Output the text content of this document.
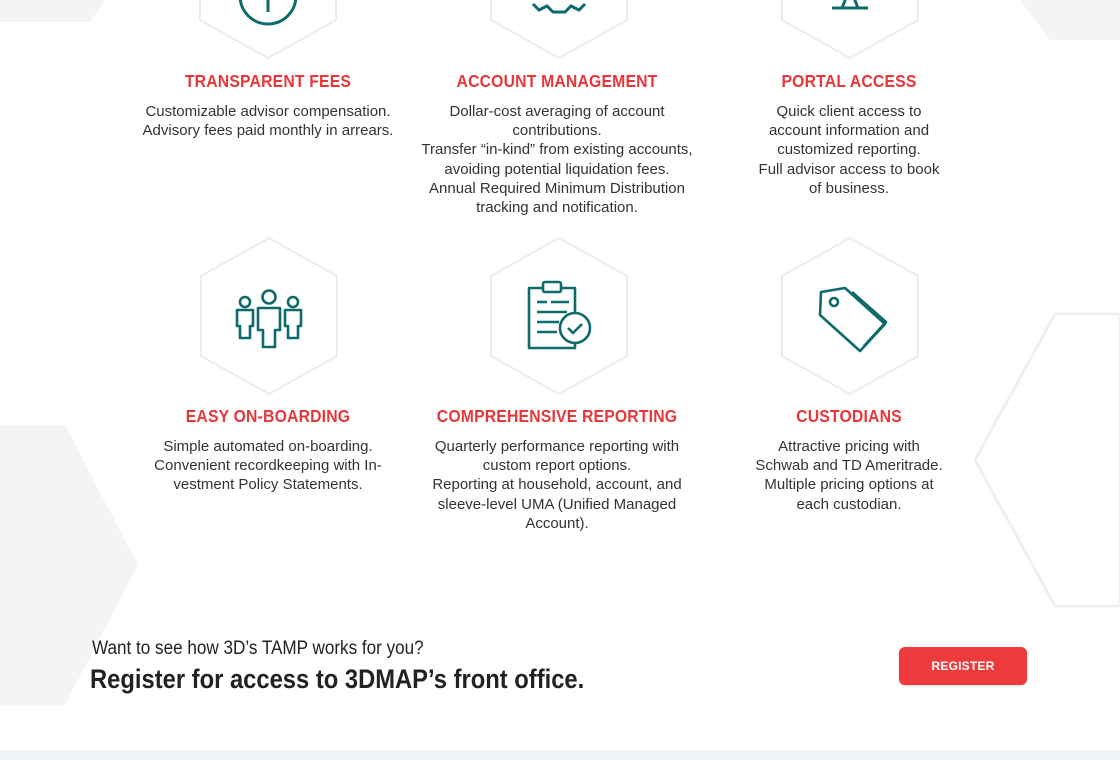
TRANSPARENT FEES
Customizable advisor compensation.
Advisory fees paid monthly in arrears.
ACCOUNT MANAGEMENT
Dollar-cost averaging of account
contributions.
Transfer “in-kind” from existing accounts,
avoiding potential liquidation fees.
Annual Required Minimum Distribution
tracking and notification.
PORTAL ACCESS
Quick client access to
account information and
customized reporting.
Full advisor access to book
of business.
EASY ON-BOARDING
Simple automated on-boarding.
Convenient recordkeeping with In-
vestment Policy Statements.
COMPREHENSIVE REPORTING
Quarterly performance reporting with
custom report options.
Reporting at household, account, and
sleeve-level UMA (Unified Managed
Account).
CUSTODIANS
Attractive pricing with
Schwab and TD Ameritrade.
Multiple pricing options at
each custodian.
Want to see how 3D’s TAMP works for you?
Register for access to 3DMAP’s front office.	REGISTER
